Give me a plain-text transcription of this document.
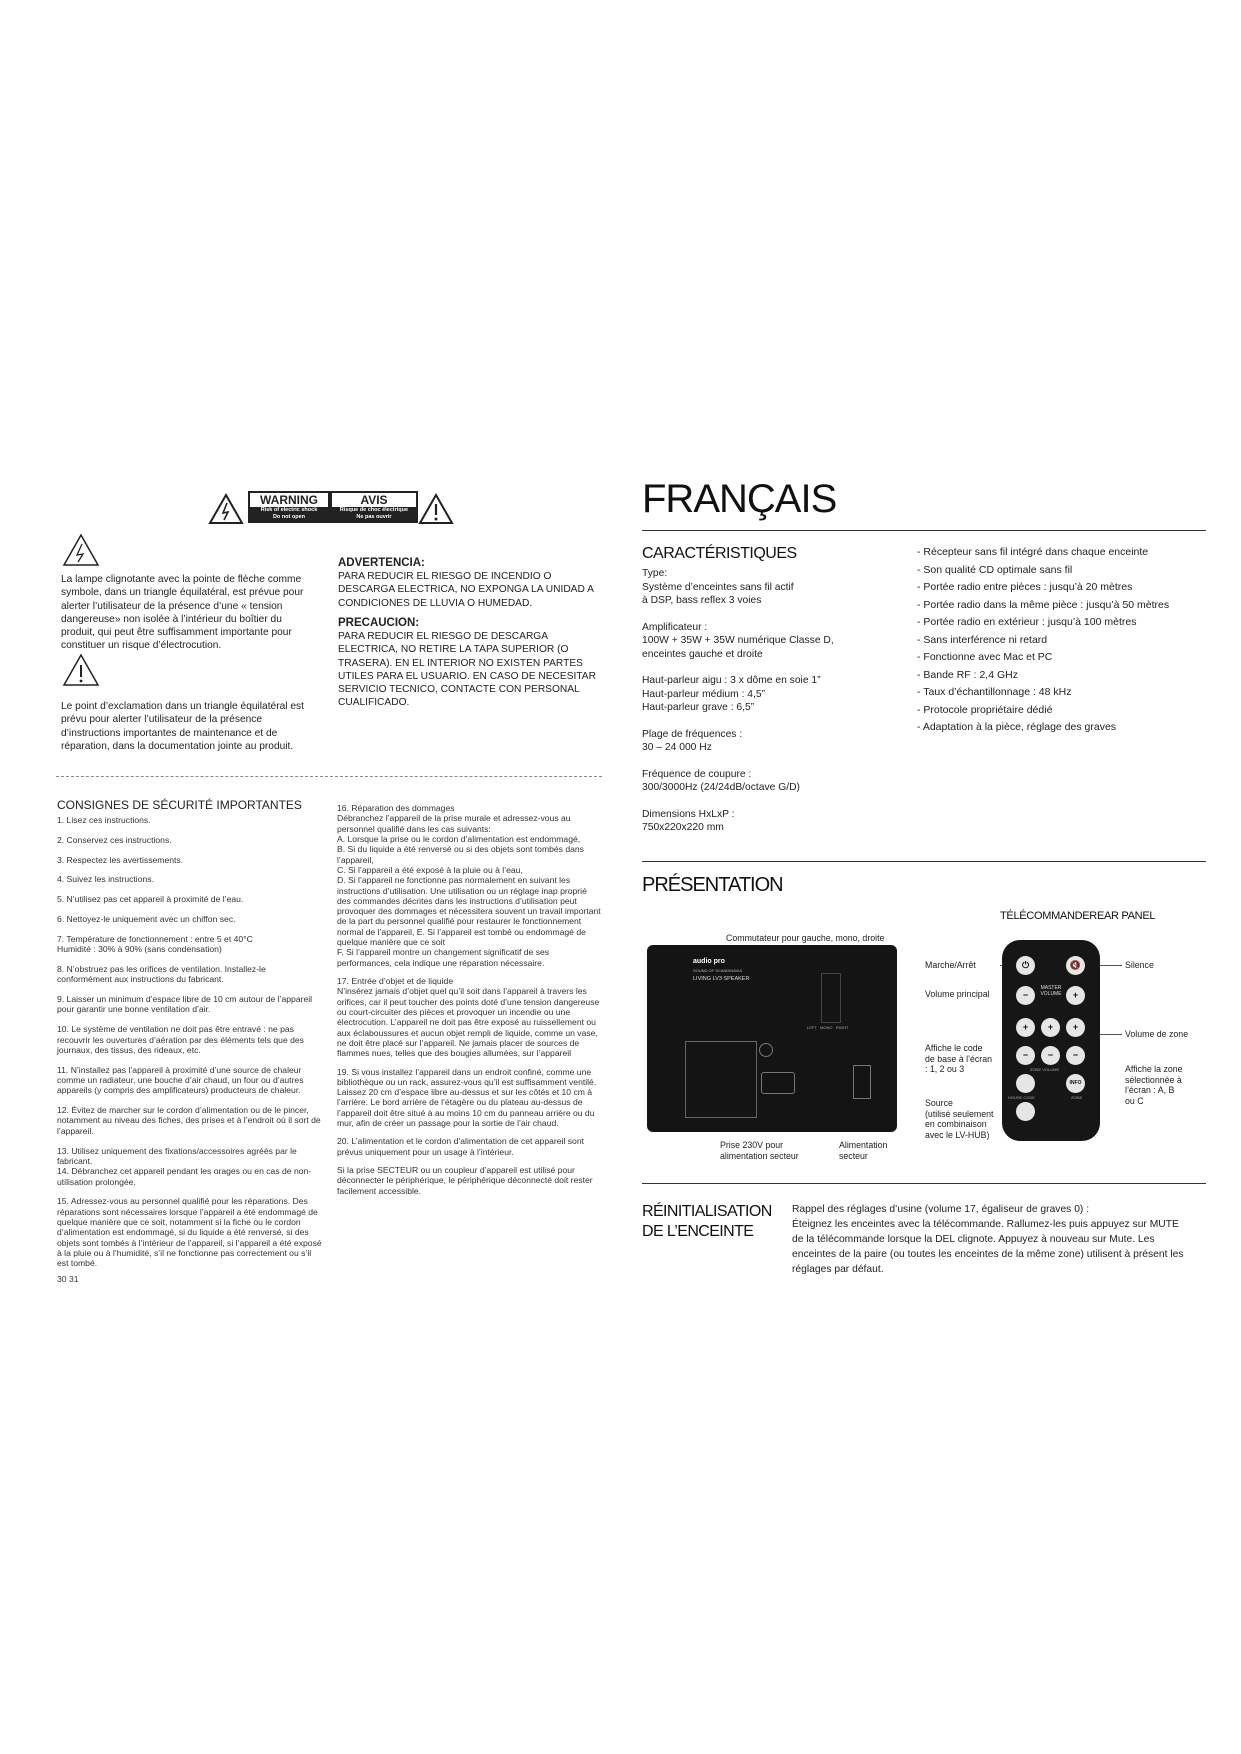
WARNING
Risk of electric shock
Do not open
AVIS
Risque de choc électrique
Ne pas ouvrir
La lampe clignotante avec la pointe de flèche comme symbole, dans un triangle équilatéral, est prévue pour alerter l’utilisateur de la présence d’une « tension dangereuse» non isolée à l’intérieur du boîtier du produit, qui peut être suffisamment importante pour constituer un risque d’électrocution.
Le point d’exclamation dans un triangle équilatéral est prévu pour alerter l’utilisateur de la présence d’instructions importantes de maintenance et de réparation, dans la documentation jointe au produit.
ADVERTENCIA:
PARA REDUCIR EL RIESGO DE INCENDIO O DESCARGA ELECTRICA, NO EXPONGA LA UNIDAD A CONDICIONES DE LLUVIA O HUMEDAD.
PRECAUCION:
PARA REDUCIR EL RIESGO DE DESCARGA ELECTRICA, NO RETIRE LA TAPA SUPERIOR (O TRASERA). EN EL INTERIOR NO EXISTEN PARTES UTILES PARA EL USUARIO. EN CASO DE NECESITAR SERVICIO TECNICO, CONTACTE CON PERSONAL CUALIFICADO.
CONSIGNES DE SÉCURITÉ IMPORTANTES
1. Lisez ces instructions.
2. Conservez ces instructions.
3. Respectez les avertissements.
4. Suivez les instructions.
5. N’utilisez pas cet appareil à proximité de l’eau.
6. Nettoyez-le uniquement avec un chiffon sec.
7. Température de fonctionnement : entre 5 et 40°C
Humidité : 30% à 90% (sans condensation)
8. N’obstruez pas les orifices de ventilation. Installez-le conformément aux instructions du fabricant.
9. Laisser un minimum d’espace libre de 10 cm autour de l’appareil pour garantir une bonne ventilation d’air.
10. Le système de ventilation ne doit pas être entravé : ne pas recouvrir les ouvertures d’aération par des éléments tels que des journaux, des tissus, des rideaux, etc.
11. N’installez pas l’appareil à proximité d’une source de chaleur comme un radiateur, une bouche d’air chaud, un four ou d’autres appareils (y compris des amplificateurs) producteurs de chaleur.
12. Évitez de marcher sur le cordon d’alimentation ou de le pincer, notamment au niveau des fiches, des prises et à l’endroit où il sort de l’appareil.
13. Utilisez uniquement des fixations/accessoires agréés par le fabricant.
14. Débranchez cet appareil pendant les orages ou en cas de non-utilisation prolongée.
15. Adressez-vous au personnel qualifié pour les réparations. Des réparations sont nécessaires lorsque l’appareil a été endommagé de quelque manière que ce soit, notamment si la fiche ou le cordon d’alimentation est endommagé, si du liquide a été renversé, si des objets sont tombés à l’intérieur de l’appareil, si l’appareil a été exposé à la pluie ou à l’humidité, s’il ne fonctionne pas correctement ou s’il est tombé.
16. Réparation des dommages
Débranchez l’appareil de la prise murale et adressez-vous au personnel qualifié dans les cas suivants:
A. Lorsque la prise ou le cordon d’alimentation est endommagé,
B. Si du liquide a été renversé ou si des objets sont tombés dans l’appareil,
C. Si l’appareil a été exposé à la pluie ou à l’eau,
D. Si l’appareil ne fonctionne pas normalement en suivant les instructions d’utilisation. Une utilisation ou un réglage inap proprié des commandes décrites dans les instructions d’utilisation peut provoquer des dommages et nécessitera souvent un travail important de la part du personnel qualifié pour restaurer le fonctionnement normal de l’appareil, E. Si l’appareil est tombé ou endommagé de quelque manière que ce soit
F. Si l’appareil montre un changement significatif de ses performances, cela indique une réparation nécessaire.
17. Entrée d’objet et de liquide
N’insérez jamais d’objet quel qu’il soit dans l’appareil à travers les orifices, car il peut toucher des points doté d’une tension dangereuse ou court-circuiter des pièces et provoquer un incendie ou une électrocution. L’appareil ne doit pas être exposé au ruissellement ou aux éclaboussures et aucun objet rempli de liquide, comme un vase, ne doit être placé sur l’appareil. Ne jamais placer de sources de flammes nues, telles que des bougies allumées, sur l’appareil
19. Si vous installez l’appareil dans un endroit confiné, comme une bibliothèque ou un rack, assurez-vous qu’il est suffisamment ventilé. Laissez 20 cm d’espace libre au-dessus et sur les côtés et 10 cm à l’arrière. Le bord arrière de l’étagère ou du plateau au-dessus de l’appareil doit être situé à au moins 10 cm du panneau arrière ou du mur, afin de créer un passage pour la sortie de l’air chaud.
20. L’alimentation et le cordon d’alimentation de cet appareil sont prévus uniquement pour un usage à l’intérieur.
Si la prise SECTEUR ou un coupleur d’appareil est utilisé pour déconnecter le périphérique, le périphérique déconnecté doit rester facilement accessible.
30 31
FRANÇAIS
CARACTÉRISTIQUES
Type:
Système d’enceintes sans fil actif
à DSP, bass reflex 3 voies
Amplificateur :
100W + 35W + 35W numérique Classe D,
enceintes gauche et droite
Haut-parleur aigu : 3 x dôme en soie 1”
Haut-parleur médium : 4,5”
Haut-parleur grave : 6,5”
Plage de fréquences :
30 – 24 000 Hz
Fréquence de coupure :
300/3000Hz (24/24dB/octave G/D)
Dimensions HxLxP :
750x220x220 mm
- Récepteur sans fil intégré dans chaque enceinte
- Son qualité CD optimale sans fil
- Portée radio entre pièces : jusqu’à 20 mètres
- Portée radio dans la même pièce : jusqu’à 50 mètres
- Portée radio en extérieur : jusqu’à 100 mètres
- Sans interférence ni retard
- Fonctionne avec Mac et PC
- Bande RF : 2,4 GHz
- Taux d’échantillonnage : 48 kHz
- Protocole propriétaire dédié
- Adaptation à la pièce, réglage des graves
PRÉSENTATION
TÉLÉCOMMANDEREAR PANEL
Commutateur pour gauche, mono, droite
audio pro
SOUND OF SCANDINAVIA
LIVING LV3 SPEAKER
LEFT   MONO   RIGHT
Prise 230V pour
alimentation secteur
Alimentation
secteur
Marche/Arrêt
Volume principal
Affiche le code
de base à l’écran
: 1, 2 ou 3
Source
(utilisé seulement
en combinaison
avec le LV-HUB)
⏻	🔇
−
MASTER
VOLUME	+
+	+	+
−	−	−
ZONE VOLUME
INFO
HOUSE CODE	ZONE
Silence
Volume de zone
Affiche la zone
sélectionnée à
l’écran : A, B
ou C
RÉINITIALISATION
DE L’ENCEINTE
Rappel des réglages d’usine (volume 17, égaliseur de graves 0) :
Éteignez les enceintes avec la télécommande. Rallumez-les puis appuyez sur MUTE de la télécommande lorsque la DEL clignote. Appuyez à nouveau sur Mute. Les enceintes de la paire (ou toutes les enceintes de la même zone) utilisent à présent les réglages par défaut.
